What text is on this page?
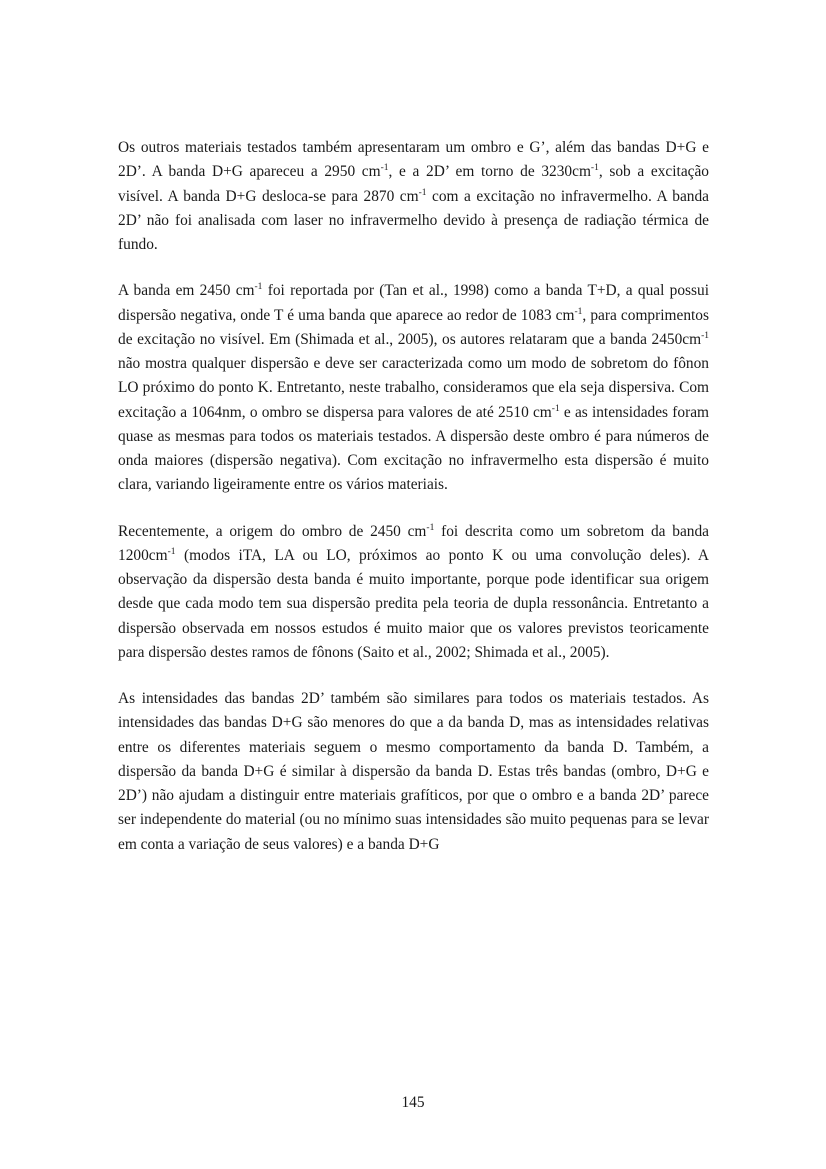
Os outros materiais testados também apresentaram um ombro e G’, além das bandas D+G e 2D’. A banda D+G apareceu a 2950 $cm^{-1}$, e a 2D’ em torno de $3230cm^{-1}$, sob a excitação visível. A banda D+G desloca-se para 2870 $cm^{-1}$ com a excitação no infravermelho. A banda 2D’ não foi analisada com laser no infravermelho devido à presença de radiação térmica de fundo.

A banda em 2450 $cm^{-1}$ foi reportada por (Tan et al., 1998) como a banda T+D, a qual possui dispersão negativa, onde T é uma banda que aparece ao redor de 1083 $cm^{-1}$, para comprimentos de excitação no visível. Em (Shimada et al., 2005), os autores relataram que a banda $2450cm^{-1}$ não mostra qualquer dispersão e deve ser caracterizada como um modo de sobretom do fônon LO próximo do ponto K. Entretanto, neste trabalho, consideramos que ela seja dispersiva. Com excitação a 1064nm, o ombro se dispersa para valores de até 2510 $cm^{-1}$ e as intensidades foram quase as mesmas para todos os materiais testados. A dispersão deste ombro é para números de onda maiores (dispersão negativa). Com excitação no infravermelho esta dispersão é muito clara, variando ligeiramente entre os vários materiais.

Recentemente, a origem do ombro de 2450 $cm^{-1}$ foi descrita como um sobretom da banda $1200cm^{-1}$ (modos iTA, LA ou LO, próximos ao ponto K ou uma convolução deles). A observação da dispersão desta banda é muito importante, porque pode identificar sua origem desde que cada modo tem sua dispersão predita pela teoria de dupla ressonância. Entretanto a dispersão observada em nossos estudos é muito maior que os valores previstos teoricamente para dispersão destes ramos de fônons (Saito et al., 2002; Shimada et al., 2005).

As intensidades das bandas 2D’ também são similares para todos os materiais testados. As intensidades das bandas D+G são menores do que a da banda D, mas as intensidades relativas entre os diferentes materiais seguem o mesmo comportamento da banda D. Também, a dispersão da banda D+G é similar à dispersão da banda D. Estas três bandas (ombro, D+G e 2D’) não ajudam a distinguir entre materiais grafíticos, por que o ombro e a banda 2D’ parece ser independente do material (ou no mínimo suas intensidades são muito pequenas para se levar em conta a variação de seus valores) e a banda D+G

145
